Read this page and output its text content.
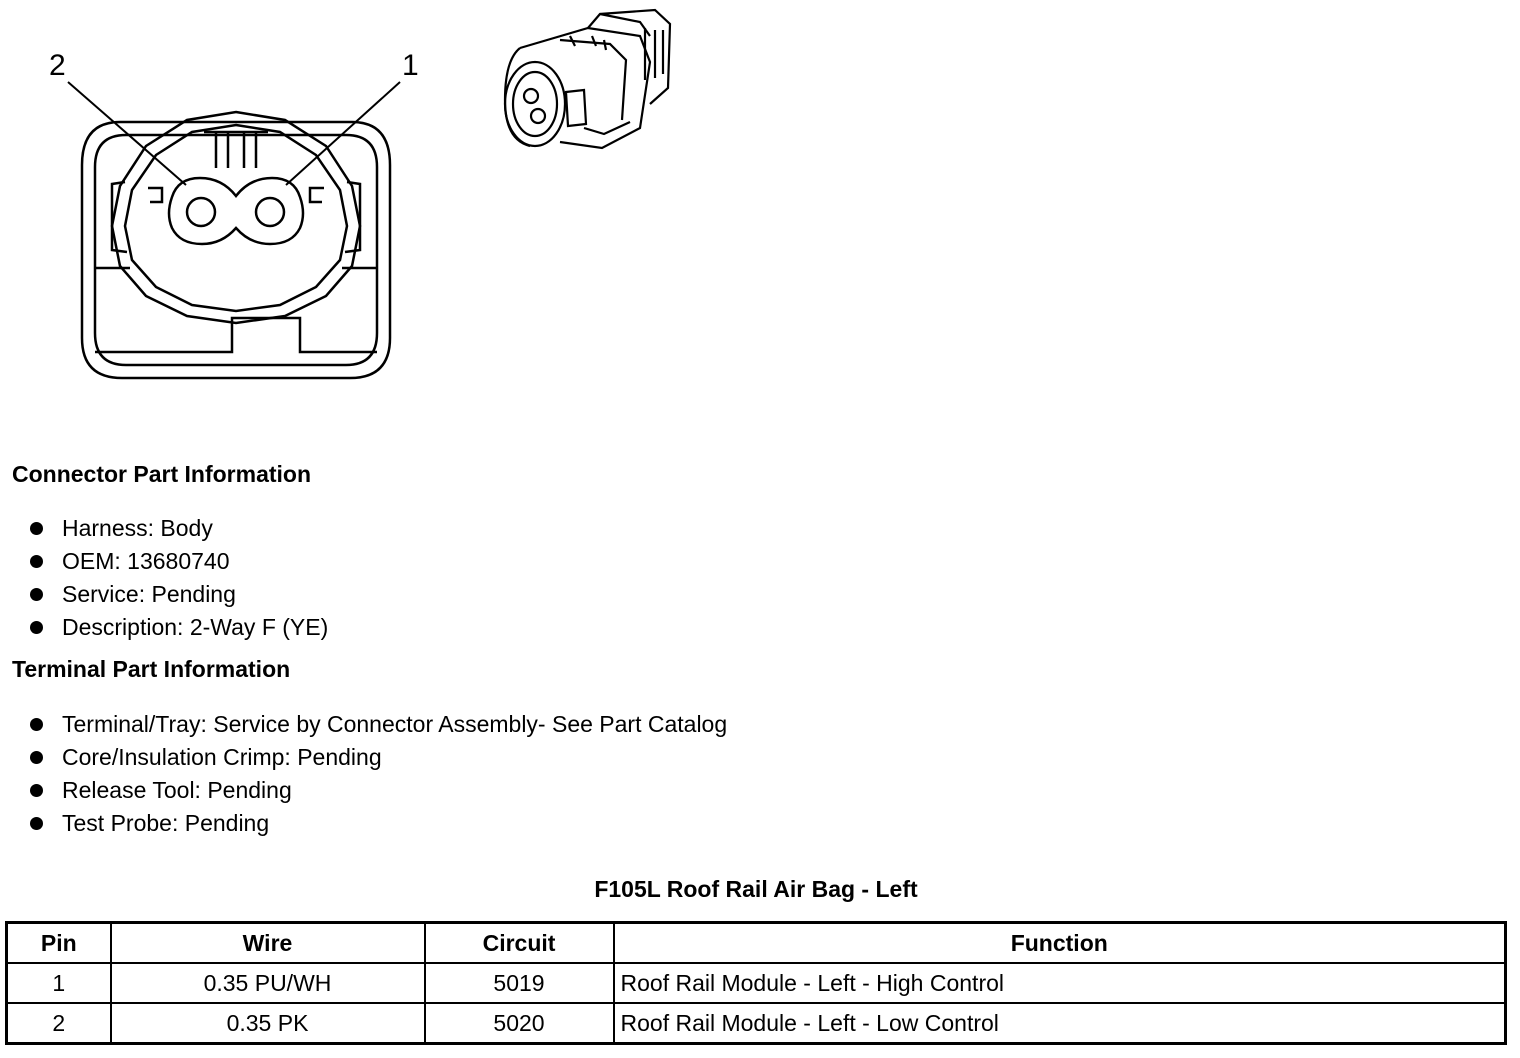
2	1
Connector Part Information
Harness: Body
OEM: 13680740
Service: Pending
Description: 2-Way F (YE)
Terminal Part Information
Terminal/Tray: Service by Connector Assembly- See Part Catalog
Core/Insulation Crimp: Pending
Release Tool: Pending
Test Probe: Pending
F105L Roof Rail Air Bag - Left
Pin	Wire	Circuit	Function
1	0.35 PU/WH	5019	Roof Rail Module - Left - High Control
2	0.35 PK	5020	Roof Rail Module - Left - Low Control
